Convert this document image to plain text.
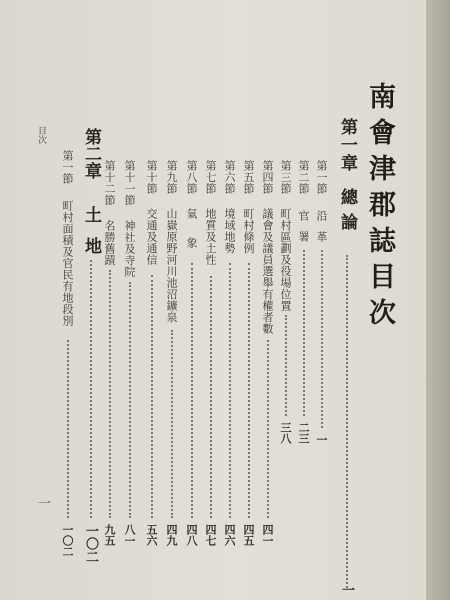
南會津郡誌目次
目次	第一章
總論
一
第一節
沿革
一
第二節
官署
二三
第三節
町村區劃及役場位置
三八
第四節
議會及議員選舉有權者數
四一
第五節
町村條例
四五
第六節
境域地勢
四六
第七節
地質及土性
四七
第八節
氣象
四八
第九節
山嶽原野河川池沼鑛泉
四九
第十節
交通及通信
五六
第十一節
神社及寺院
八一
第十二節
名勝舊蹟
九五
第二章
土地
一〇二
第一節
町村面積及官民有地段別
一〇二
一
